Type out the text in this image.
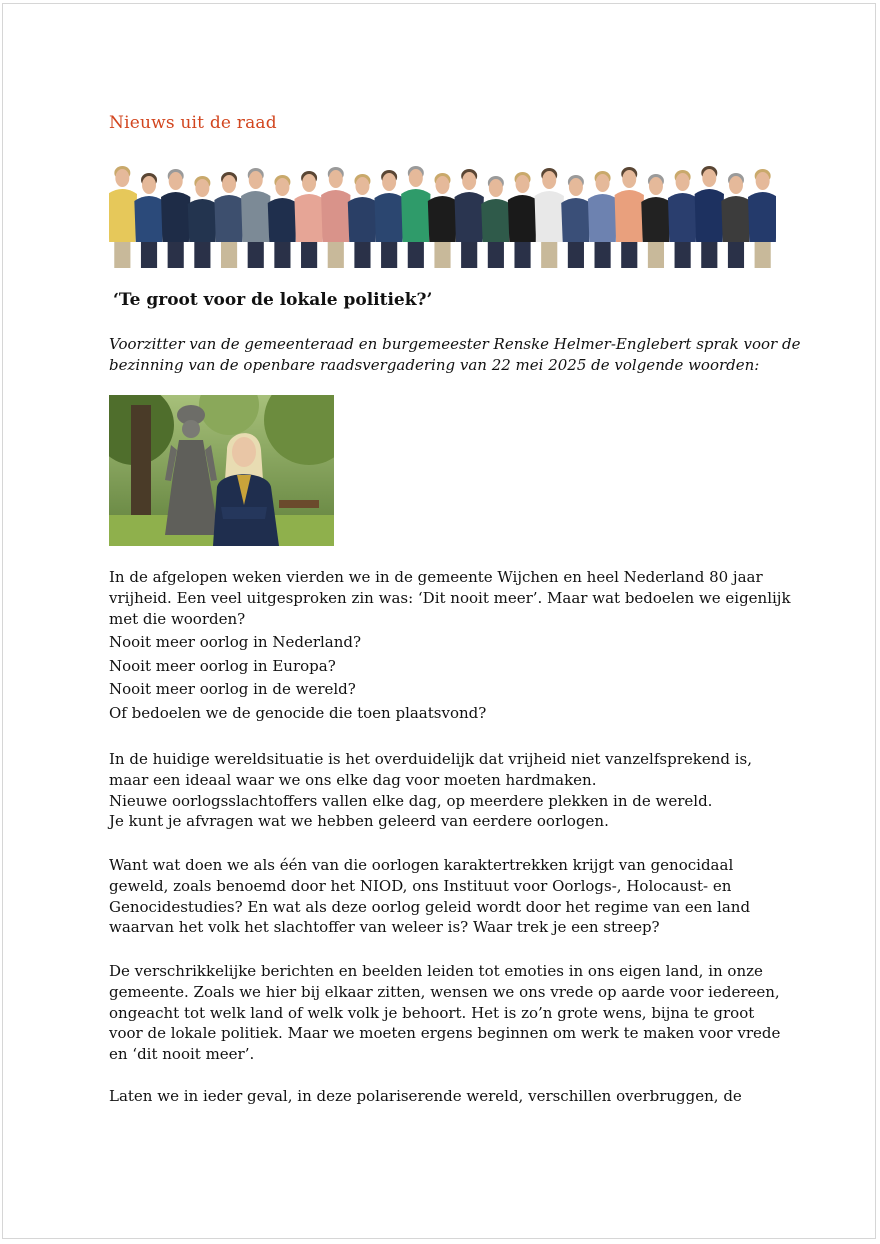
Nieuws uit de raad
‘Te groot voor de lokale politiek?’
Voorzitter van de gemeenteraad en burgemeester Renske Helmer-Englebert sprak voor de
bezinning van de openbare raadsvergadering van 22 mei 2025 de volgende woorden:
In de afgelopen weken vierden we in de gemeente Wijchen en heel Nederland 80 jaar
vrijheid. Een veel uitgesproken zin was: ‘Dit nooit meer’. Maar wat bedoelen we eigenlijk
met die woorden?
Nooit meer oorlog in Nederland?
Nooit meer oorlog in Europa?
Nooit meer oorlog in de wereld?
Of bedoelen we de genocide die toen plaatsvond?
In de huidige wereldsituatie is het overduidelijk dat vrijheid niet vanzelfsprekend is,
maar een ideaal waar we ons elke dag voor moeten hardmaken.
Nieuwe oorlogsslachtoffers vallen elke dag, op meerdere plekken in de wereld.
Je kunt je afvragen wat we hebben geleerd van eerdere oorlogen.
Want wat doen we als één van die oorlogen karaktertrekken krijgt van genocidaal
geweld, zoals benoemd door het NIOD, ons Instituut voor Oorlogs-, Holocaust- en
Genocidestudies? En wat als deze oorlog geleid wordt door het regime van een land
waarvan het volk het slachtoffer van weleer is? Waar trek je een streep?
De verschrikkelijke berichten en beelden leiden tot emoties in ons eigen land, in onze
gemeente. Zoals we hier bij elkaar zitten, wensen we ons vrede op aarde voor iedereen,
ongeacht tot welk land of welk volk je behoort. Het is zo’n grote wens, bijna te groot
voor de lokale politiek. Maar we moeten ergens beginnen om werk te maken voor vrede
en ‘dit nooit meer’.
Laten we in ieder geval, in deze polariserende wereld, verschillen overbruggen, de
